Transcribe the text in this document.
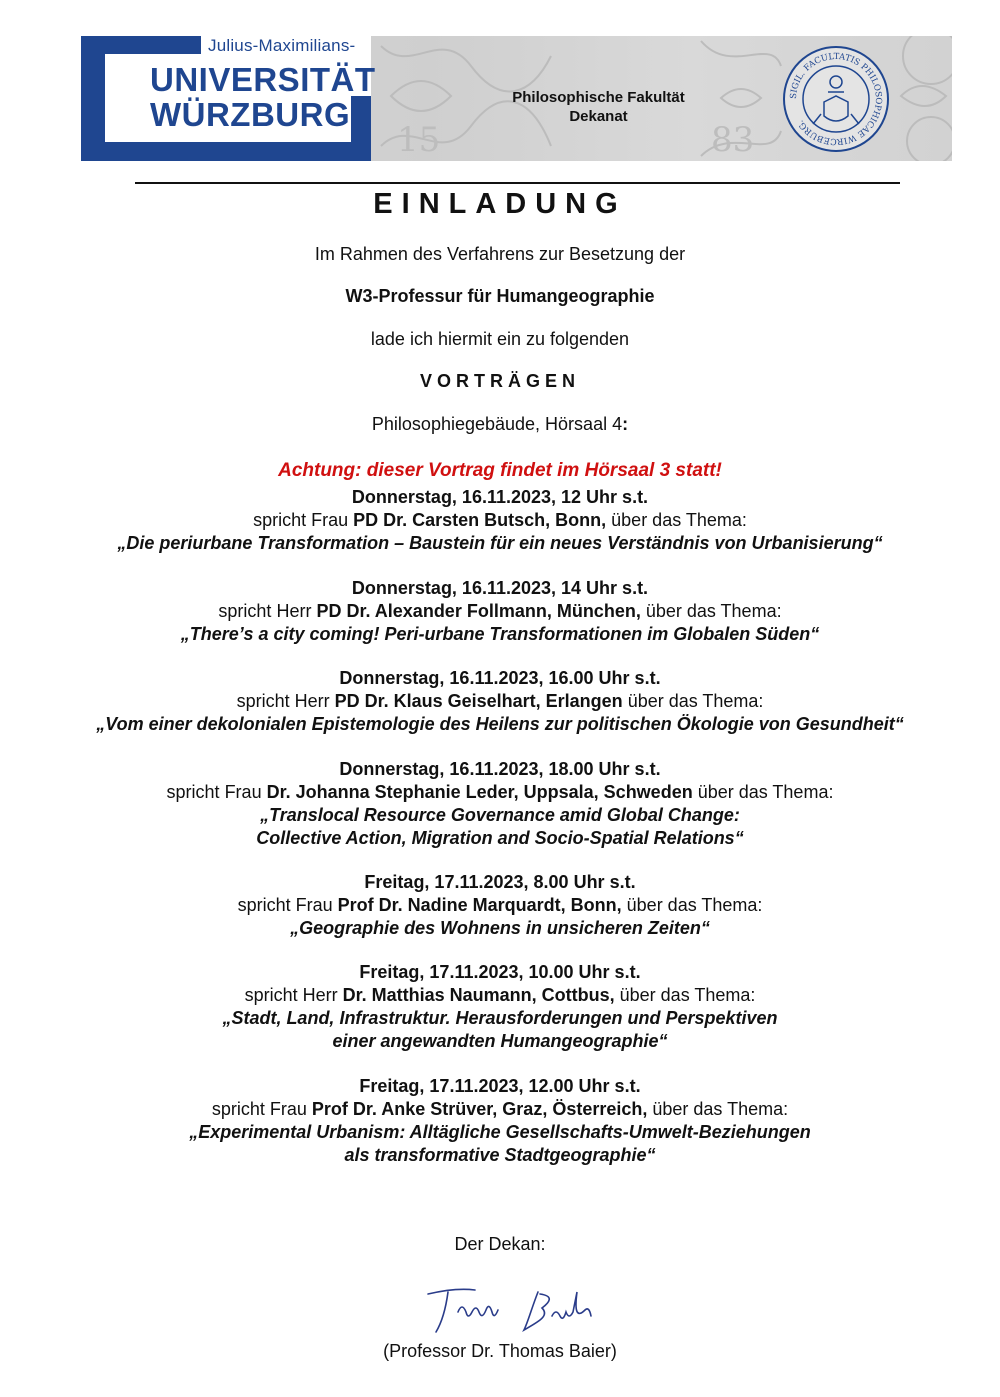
Julius-Maximilians-
UNIVERSITÄT
WÜRZBURG
15	83
Philosophische Fakultät
Dekanat
SIGIL. FACULTATIS PHILOSOPHICAE WIRCEBURG.
EINLADUNG
Im Rahmen des Verfahrens zur Besetzung der
W3-Professur für Humangeographie
lade ich hiermit ein zu folgenden
VORTRÄGEN
Philosophiegebäude, Hörsaal 4:
Achtung: dieser Vortrag findet im Hörsaal 3 statt!
Donnerstag, 16.11.2023, 12 Uhr s.t.
spricht Frau PD Dr. Carsten Butsch, Bonn, über das Thema:
„Die periurbane Transformation – Baustein für ein neues Verständnis von Urbanisierung“
Donnerstag, 16.11.2023, 14 Uhr s.t.
spricht Herr PD Dr. Alexander Follmann, München, über das Thema:
„There’s a city coming! Peri-urbane Transformationen im Globalen Süden“
Donnerstag, 16.11.2023, 16.00 Uhr s.t.
spricht Herr PD Dr. Klaus Geiselhart, Erlangen über das Thema:
„Vom einer dekolonialen Epistemologie des Heilens zur politischen Ökologie von Gesundheit“
Donnerstag, 16.11.2023, 18.00 Uhr s.t.
spricht Frau Dr. Johanna Stephanie Leder, Uppsala, Schweden über das Thema:
„Translocal Resource Governance amid Global Change:
Collective Action, Migration and Socio-Spatial Relations“
Freitag, 17.11.2023, 8.00 Uhr s.t.
spricht Frau Prof Dr. Nadine Marquardt, Bonn, über das Thema:
„Geographie des Wohnens in unsicheren Zeiten“
Freitag, 17.11.2023, 10.00 Uhr s.t.
spricht Herr Dr. Matthias Naumann, Cottbus, über das Thema:
„Stadt, Land, Infrastruktur. Herausforderungen und Perspektiven
einer angewandten Humangeographie“
Freitag, 17.11.2023, 12.00 Uhr s.t.
spricht Frau Prof Dr. Anke Strüver, Graz, Österreich, über das Thema:
„Experimental Urbanism: Alltägliche Gesellschafts-Umwelt-Beziehungen
als transformative Stadtgeographie“
Der Dekan:
(Professor Dr. Thomas Baier)
